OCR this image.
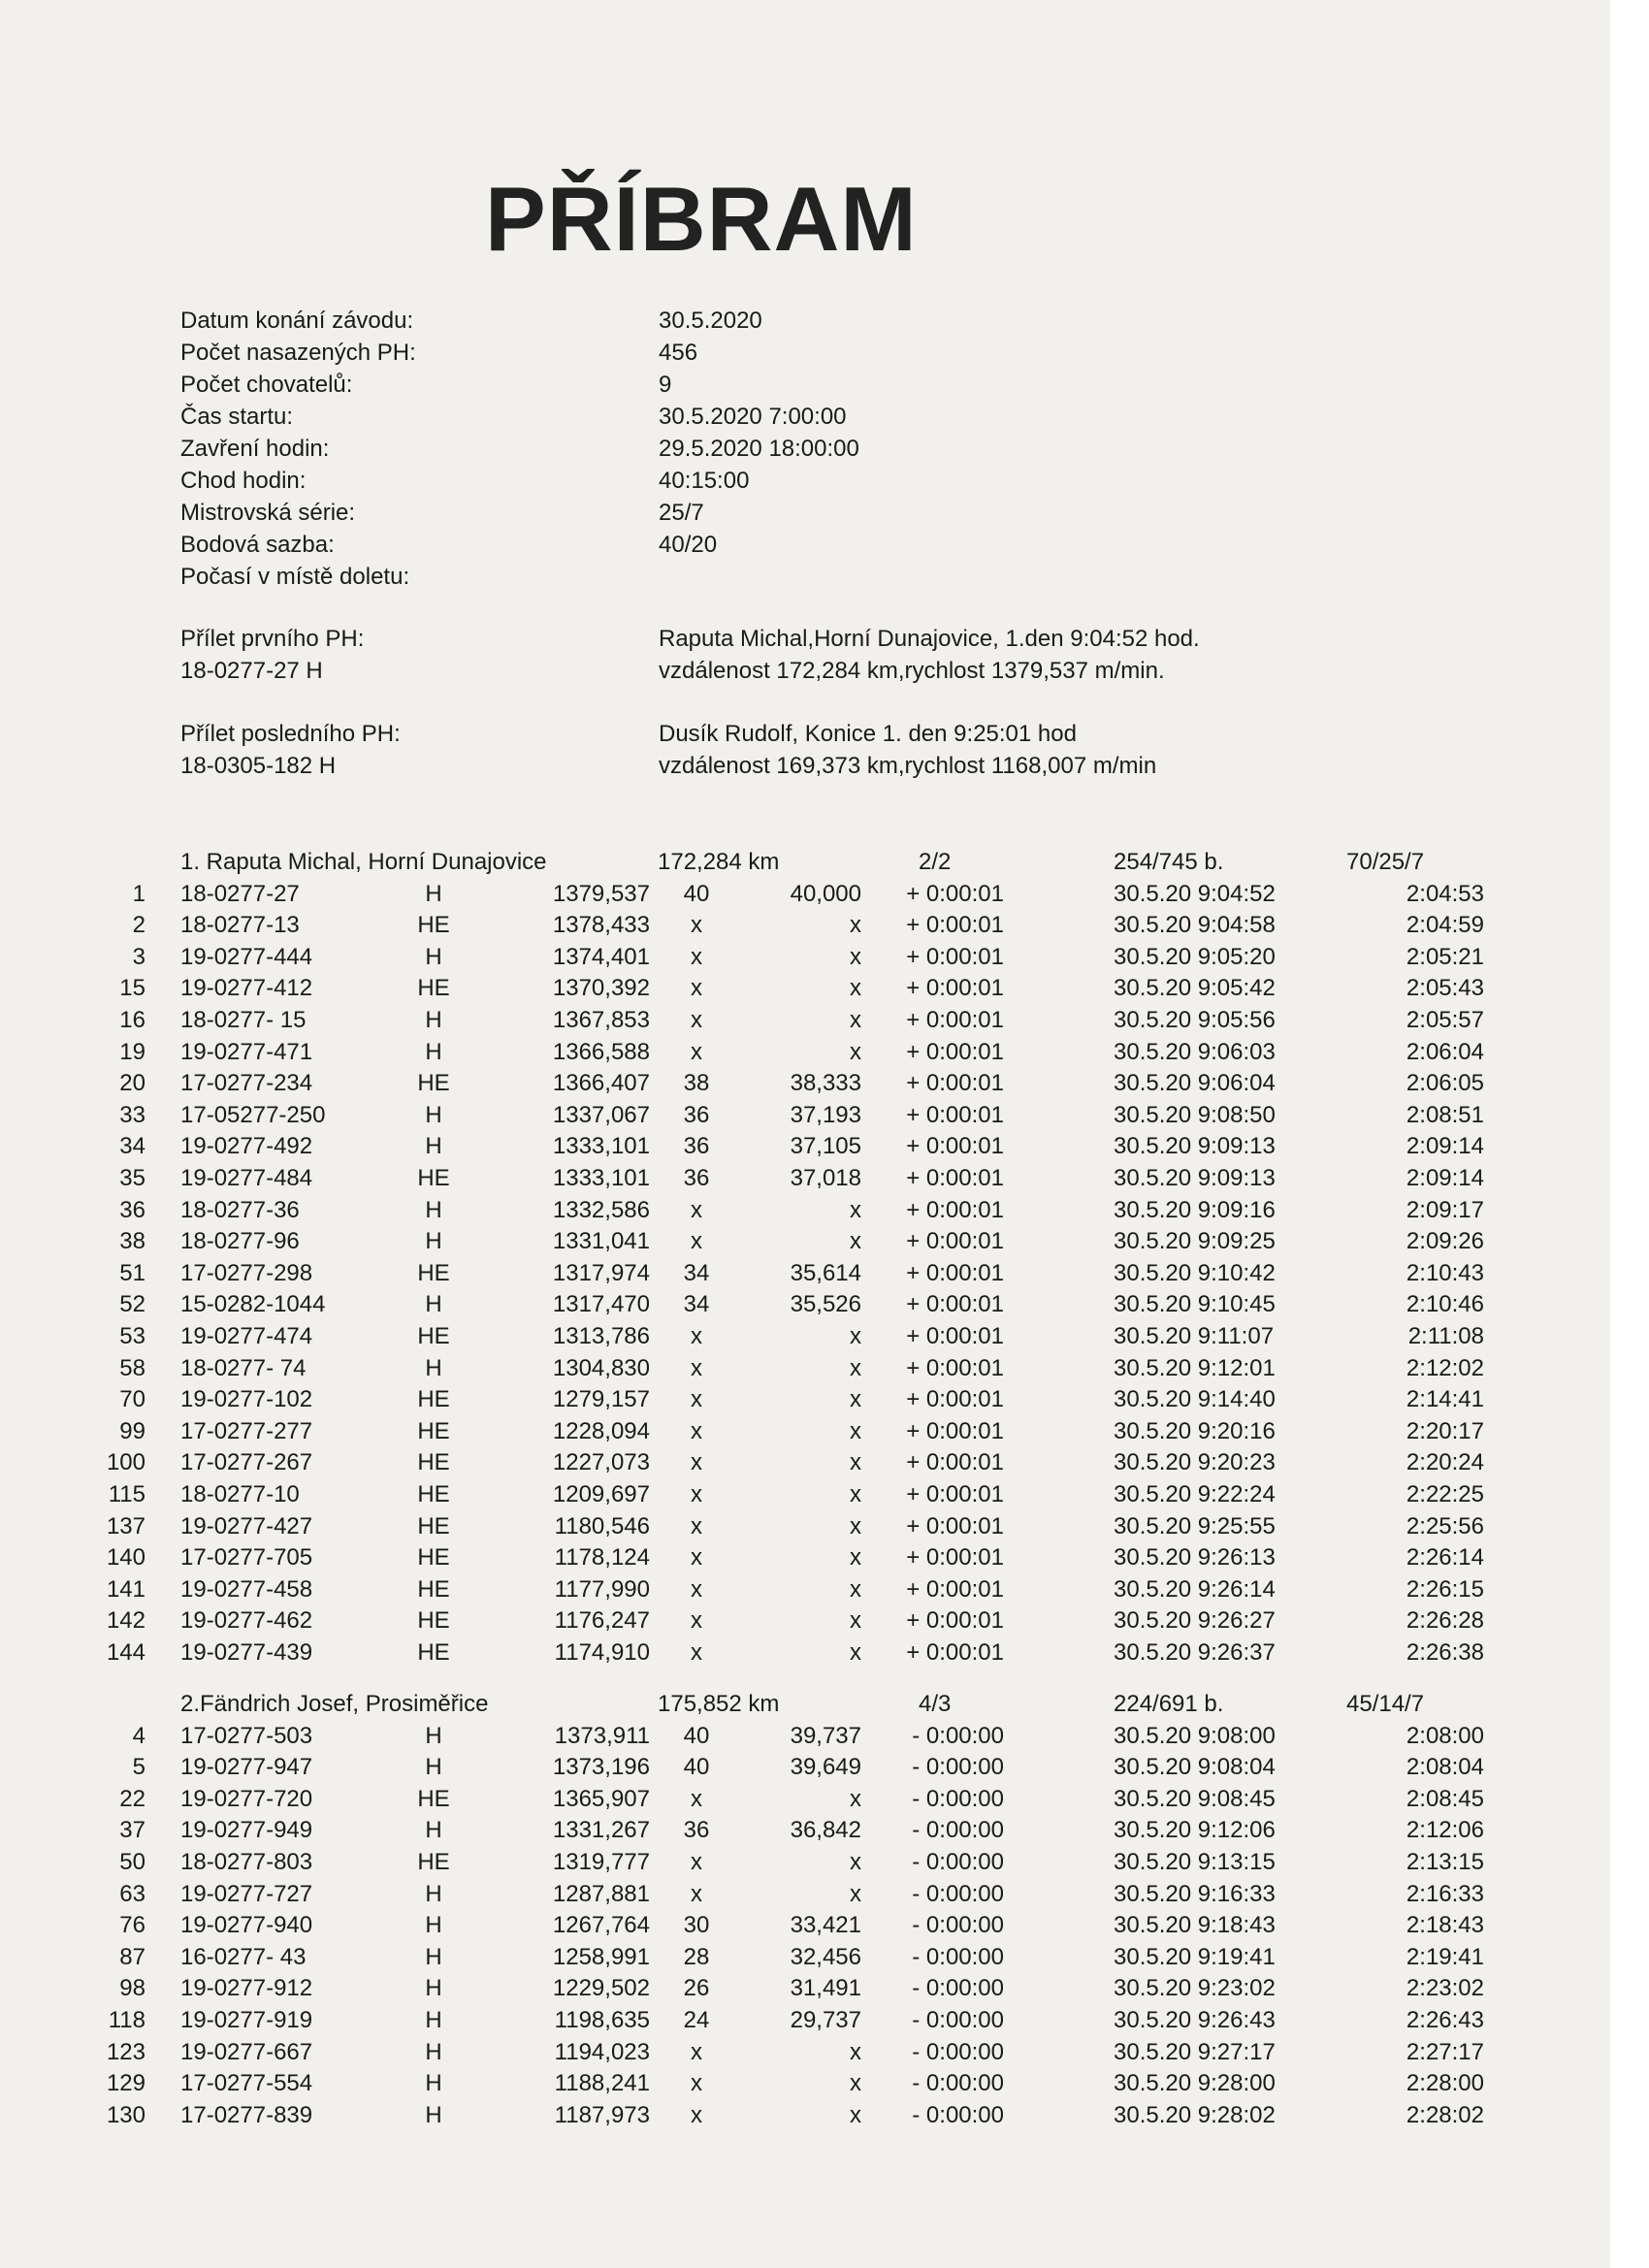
PŘÍBRAM
Datum konání závodu:	30.5.2020
Počet nasazených PH:	456
Počet chovatelů:	9
Čas startu:	30.5.2020 7:00:00
Zavření hodin:	29.5.2020 18:00:00
Chod hodin:	40:15:00
Mistrovská série:	25/7
Bodová sazba:	40/20
Počasí v místě doletu:
Přílet prvního PH:	Raputa Michal,Horní Dunajovice, 1.den 9:04:52 hod.
18-0277-27 H	vzdálenost 172,284 km,rychlost 1379,537 m/min.
Přílet posledního PH:	Dusík Rudolf, Konice 1. den 9:25:01 hod
18-0305-182 H	vzdálenost 169,373 km,rychlost 1168,007 m/min
1. Raputa Michal, Horní Dunajovice	172,284 km	2/2	254/745 b.	70/25/7
1 18-0277-27	H	1379,537	40	40,000	+ 0:00:01	30.5.20 9:04:52	2:04:53
2 18-0277-13	HE	1378,433	x	x	+ 0:00:01	30.5.20 9:04:58	2:04:59
3 19-0277-444	H	1374,401	x	x	+ 0:00:01	30.5.20 9:05:20	2:05:21
15 19-0277-412	HE	1370,392	x	x	+ 0:00:01	30.5.20 9:05:42	2:05:43
16 18-0277- 15	H	1367,853	x	x	+ 0:00:01	30.5.20 9:05:56	2:05:57
19 19-0277-471	H	1366,588	x	x	+ 0:00:01	30.5.20 9:06:03	2:06:04
20 17-0277-234	HE	1366,407	38	38,333	+ 0:00:01	30.5.20 9:06:04	2:06:05
33 17-05277-250	H	1337,067	36	37,193	+ 0:00:01	30.5.20 9:08:50	2:08:51
34 19-0277-492	H	1333,101	36	37,105	+ 0:00:01	30.5.20 9:09:13	2:09:14
35 19-0277-484	HE	1333,101	36	37,018	+ 0:00:01	30.5.20 9:09:13	2:09:14
36 18-0277-36	H	1332,586	x	x	+ 0:00:01	30.5.20 9:09:16	2:09:17
38 18-0277-96	H	1331,041	x	x	+ 0:00:01	30.5.20 9:09:25	2:09:26
51 17-0277-298	HE	1317,974	34	35,614	+ 0:00:01	30.5.20 9:10:42	2:10:43
52 15-0282-1044	H	1317,470	34	35,526	+ 0:00:01	30.5.20 9:10:45	2:10:46
53 19-0277-474	HE	1313,786	x	x	+ 0:00:01	30.5.20 9:11:07	2:11:08
58 18-0277- 74	H	1304,830	x	x	+ 0:00:01	30.5.20 9:12:01	2:12:02
70 19-0277-102	HE	1279,157	x	x	+ 0:00:01	30.5.20 9:14:40	2:14:41
99 17-0277-277	HE	1228,094	x	x	+ 0:00:01	30.5.20 9:20:16	2:20:17
100 17-0277-267	HE	1227,073	x	x	+ 0:00:01	30.5.20 9:20:23	2:20:24
115 18-0277-10	HE	1209,697	x	x	+ 0:00:01	30.5.20 9:22:24	2:22:25
137 19-0277-427	HE	1180,546	x	x	+ 0:00:01	30.5.20 9:25:55	2:25:56
140 17-0277-705	HE	1178,124	x	x	+ 0:00:01	30.5.20 9:26:13	2:26:14
141 19-0277-458	HE	1177,990	x	x	+ 0:00:01	30.5.20 9:26:14	2:26:15
142 19-0277-462	HE	1176,247	x	x	+ 0:00:01	30.5.20 9:26:27	2:26:28
144 19-0277-439	HE	1174,910	x	x	+ 0:00:01	30.5.20 9:26:37	2:26:38
2.Fändrich Josef, Prosiměřice	175,852 km	4/3	224/691 b.	45/14/7
4 17-0277-503	H	1373,911	40	39,737	- 0:00:00	30.5.20 9:08:00	2:08:00
5 19-0277-947	H	1373,196	40	39,649	- 0:00:00	30.5.20 9:08:04	2:08:04
22 19-0277-720	HE	1365,907	x	x	- 0:00:00	30.5.20 9:08:45	2:08:45
37 19-0277-949	H	1331,267	36	36,842	- 0:00:00	30.5.20 9:12:06	2:12:06
50 18-0277-803	HE	1319,777	x	x	- 0:00:00	30.5.20 9:13:15	2:13:15
63 19-0277-727	H	1287,881	x	x	- 0:00:00	30.5.20 9:16:33	2:16:33
76 19-0277-940	H	1267,764	30	33,421	- 0:00:00	30.5.20 9:18:43	2:18:43
87 16-0277- 43	H	1258,991	28	32,456	- 0:00:00	30.5.20 9:19:41	2:19:41
98 19-0277-912	H	1229,502	26	31,491	- 0:00:00	30.5.20 9:23:02	2:23:02
118 19-0277-919	H	1198,635	24	29,737	- 0:00:00	30.5.20 9:26:43	2:26:43
123 19-0277-667	H	1194,023	x	x	- 0:00:00	30.5.20 9:27:17	2:27:17
129 17-0277-554	H	1188,241	x	x	- 0:00:00	30.5.20 9:28:00	2:28:00
130 17-0277-839	H	1187,973	x	x	- 0:00:00	30.5.20 9:28:02	2:28:02
